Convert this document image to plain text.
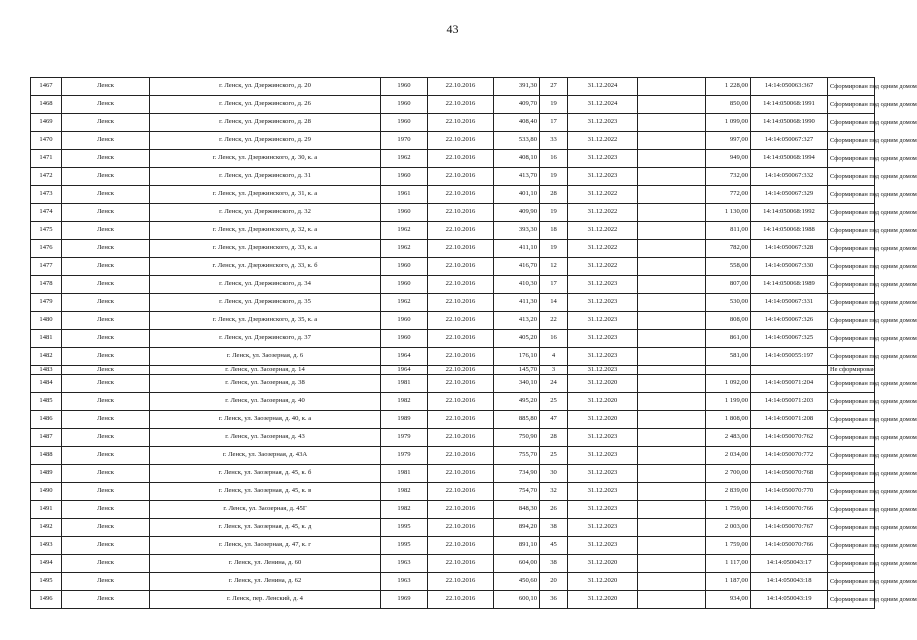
43
1467	Ленск	г. Ленск, ул. Дзержинского, д. 20	1960	22.10.2016	391,30	27	31.12.2024		1 228,00	14:14:050063:367	Сформирован под одним домом
1468	Ленск	г. Ленск, ул. Дзержинского, д. 26	1960	22.10.2016	409,70	19	31.12.2024		850,00	14:14:050068:1991	Сформирован под одним домом
1469	Ленск	г. Ленск, ул. Дзержинского, д. 28	1960	22.10.2016	408,40	17	31.12.2023		1 099,00	14:14:050068:1990	Сформирован под одним домом
1470	Ленск	г. Ленск, ул. Дзержинского, д. 29	1970	22.10.2016	533,80	33	31.12.2022		997,00	14:14:050067:327	Сформирован под одним домом
1471	Ленск	г. Ленск, ул. Дзержинского, д. 30, к. а	1962	22.10.2016	408,10	16	31.12.2023		949,00	14:14:050068:1994	Сформирован под одним домом
1472	Ленск	г. Ленск, ул. Дзержинского, д. 31	1960	22.10.2016	413,70	19	31.12.2023		732,00	14:14:050067:332	Сформирован под одним домом
1473	Ленск	г. Ленск, ул. Дзержинского, д. 31, к. а	1961	22.10.2016	401,10	28	31.12.2022		772,00	14:14:050067:329	Сформирован под одним домом
1474	Ленск	г. Ленск, ул. Дзержинского, д. 32	1960	22.10.2016	409,90	19	31.12.2022		1 130,00	14:14:050068:1992	Сформирован под одним домом
1475	Ленск	г. Ленск, ул. Дзержинского, д. 32, к. а	1962	22.10.2016	393,30	18	31.12.2022		811,00	14:14:050068:1988	Сформирован под одним домом
1476	Ленск	г. Ленск, ул. Дзержинского, д. 33, к. а	1962	22.10.2016	411,10	19	31.12.2022		782,00	14:14:050067:328	Сформирован под одним домом
1477	Ленск	г. Ленск, ул. Дзержинского, д. 33, к. б	1960	22.10.2016	416,70	12	31.12.2022		558,00	14:14:050067:330	Сформирован под одним домом
1478	Ленск	г. Ленск, ул. Дзержинского, д. 34	1960	22.10.2016	410,30	17	31.12.2023		807,00	14:14:050068:1989	Сформирован под одним домом
1479	Ленск	г. Ленск, ул. Дзержинского, д. 35	1962	22.10.2016	411,30	14	31.12.2023		530,00	14:14:050067:331	Сформирован под одним домом
1480	Ленск	г. Ленск, ул. Дзержинского, д. 35, к. а	1960	22.10.2016	413,20	22	31.12.2023		808,00	14:14:050067:326	Сформирован под одним домом
1481	Ленск	г. Ленск, ул. Дзержинского, д. 37	1960	22.10.2016	405,20	16	31.12.2023		861,00	14:14:050067:325	Сформирован под одним домом
1482	Ленск	г. Ленск, ул. Заозерная, д. 6	1964	22.10.2016	176,10	4	31.12.2023		581,00	14:14:050055:197	Сформирован под одним домом
1483	Ленск	г. Ленск, ул. Заозерная, д. 14	1964	22.10.2016	145,70	3	31.12.2023				Не сформирован
1484	Ленск	г. Ленск, ул. Заозерная, д. 38	1981	22.10.2016	340,10	24	31.12.2020		1 092,00	14:14:050071:204	Сформирован под одним домом
1485	Ленск	г. Ленск, ул. Заозерная, д. 40	1982	22.10.2016	495,20	25	31.12.2020		1 199,00	14:14:050071:203	Сформирован под одним домом
1486	Ленск	г. Ленск, ул. Заозерная, д. 40, к. а	1989	22.10.2016	885,80	47	31.12.2020		1 808,00	14:14:050071:208	Сформирован под одним домом
1487	Ленск	г. Ленск, ул. Заозерная, д. 43	1979	22.10.2016	750,90	28	31.12.2023		2 483,00	14:14:050070:762	Сформирован под одним домом
1488	Ленск	г. Ленск, ул. Заозерная, д. 43А	1979	22.10.2016	755,70	25	31.12.2023		2 034,00	14:14:050070:772	Сформирован под одним домом
1489	Ленск	г. Ленск, ул. Заозерная, д. 45, к. б	1981	22.10.2016	734,90	30	31.12.2023		2 700,00	14:14:050070:768	Сформирован под одним домом
1490	Ленск	г. Ленск, ул. Заозерная, д. 45, к. в	1982	22.10.2016	754,70	32	31.12.2023		2 839,00	14:14:050070:770	Сформирован под одним домом
1491	Ленск	г. Ленск, ул. Заозерная, д. 45Г	1982	22.10.2016	848,30	26	31.12.2023		1 759,00	14:14:050070:766	Сформирован под одним домом
1492	Ленск	г. Ленск, ул. Заозерная, д. 45, к. д	1995	22.10.2016	894,20	38	31.12.2023		2 003,00	14:14:050070:767	Сформирован под одним домом
1493	Ленск	г. Ленск, ул. Заозерная, д. 47, к. г	1995	22.10.2016	891,10	45	31.12.2023		1 759,00	14:14:050070:766	Сформирован под одним домом
1494	Ленск	г. Ленск, ул. Ленина, д. 60	1963	22.10.2016	604,00	38	31.12.2020		1 117,00	14:14:050043:17	Сформирован под одним домом
1495	Ленск	г. Ленск, ул. Ленина, д. 62	1963	22.10.2016	450,60	20	31.12.2020		1 187,00	14:14:050043:18	Сформирован под одним домом
1496	Ленск	г. Ленск, пер. Ленский, д. 4	1969	22.10.2016	600,10	36	31.12.2020		934,00	14:14:050043:19	Сформирован под одним домом
